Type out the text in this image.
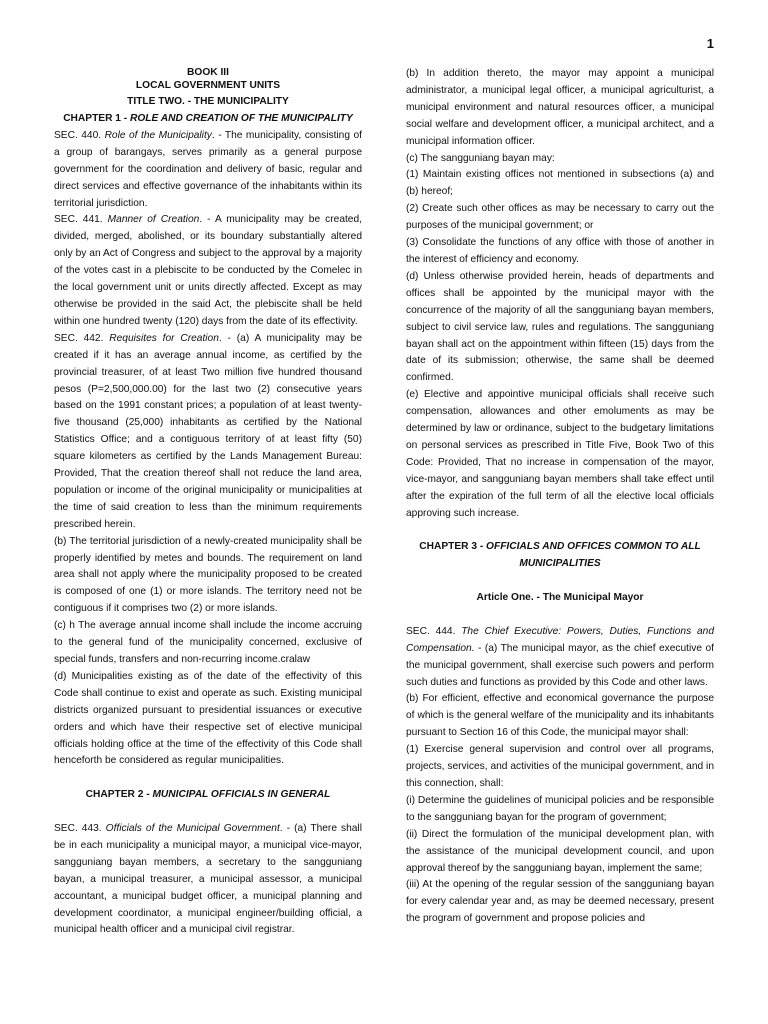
1
BOOK III
LOCAL GOVERNMENT UNITS
TITLE TWO. - THE MUNICIPALITY

CHAPTER 1 - ROLE AND CREATION OF THE MUNICIPALITY

SEC. 440. Role of the Municipality. - The municipality, consisting of a group of barangays, serves primarily as a general purpose government for the coordination and delivery of basic, regular and direct services and effective governance of the inhabitants within its territorial jurisdiction.

SEC. 441. Manner of Creation. - A municipality may be created, divided, merged, abolished, or its boundary substantially altered only by an Act of Congress and subject to the approval by a majority of the votes cast in a plebiscite to be conducted by the Comelec in the local government unit or units directly affected. Except as may otherwise be provided in the said Act, the plebiscite shall be held within one hundred twenty (120) days from the date of its effectivity.

SEC. 442. Requisites for Creation. - (a) A municipality may be created if it has an average annual income, as certified by the provincial treasurer, of at least Two million five hundred thousand pesos (P=2,500,000.00) for the last two (2) consecutive years based on the 1991 constant prices; a population of at least twenty-five thousand (25,000) inhabitants as certified by the National Statistics Office; and a contiguous territory of at least fifty (50) square kilometers as certified by the Lands Management Bureau: Provided, That the creation thereof shall not reduce the land area, population or income of the original municipality or municipalities at the time of said creation to less than the minimum requirements prescribed herein.

(b) The territorial jurisdiction of a newly-created municipality shall be properly identified by metes and bounds. The requirement on land area shall not apply where the municipality proposed to be created is composed of one (1) or more islands. The territory need not be contiguous if it comprises two (2) or more islands.

(c) h The average annual income shall include the income accruing to the general fund of the municipality concerned, exclusive of special funds, transfers and non-recurring income.cralaw

(d) Municipalities existing as of the date of the effectivity of this Code shall continue to exist and operate as such. Existing municipal districts organized pursuant to presidential issuances or executive orders and which have their respective set of elective municipal officials holding office at the time of the effectivity of this Code shall henceforth be considered as regular municipalities.

CHAPTER 2 - MUNICIPAL OFFICIALS IN GENERAL

SEC. 443. Officials of the Municipal Government. - (a) There shall be in each municipality a municipal mayor, a municipal vice-mayor, sangguniang bayan members, a secretary to the sangguniang bayan, a municipal treasurer, a municipal assessor, a municipal accountant, a municipal budget officer, a municipal planning and development coordinator, a municipal engineer/building official, a municipal health officer and a municipal civil registrar.

(b) In addition thereto, the mayor may appoint a municipal administrator, a municipal legal officer, a municipal agriculturist, a municipal environment and natural resources officer, a municipal social welfare and development officer, a municipal architect, and a municipal information officer.

(c) The sangguniang bayan may:

(1) Maintain existing offices not mentioned in subsections (a) and (b) hereof;

(2) Create such other offices as may be necessary to carry out the purposes of the municipal government; or

(3) Consolidate the functions of any office with those of another in the interest of efficiency and economy.

(d) Unless otherwise provided herein, heads of departments and offices shall be appointed by the municipal mayor with the concurrence of the majority of all the sangguniang bayan members, subject to civil service law, rules and regulations. The sangguniang bayan shall act on the appointment within fifteen (15) days from the date of its submission; otherwise, the same shall be deemed confirmed.

(e) Elective and appointive municipal officials shall receive such compensation, allowances and other emoluments as may be determined by law or ordinance, subject to the budgetary limitations on personal services as prescribed in Title Five, Book Two of this Code: Provided, That no increase in compensation of the mayor, vice-mayor, and sangguniang bayan members shall take effect until after the expiration of the full term of all the elective local officials approving such increase.

CHAPTER 3 - OFFICIALS AND OFFICES COMMON TO ALL MUNICIPALITIES

Article One. - The Municipal Mayor

SEC. 444. The Chief Executive: Powers, Duties, Functions and Compensation. - (a) The municipal mayor, as the chief executive of the municipal government, shall exercise such powers and perform such duties and functions as provided by this Code and other laws.

(b) For efficient, effective and economical governance the purpose of which is the general welfare of the municipality and its inhabitants pursuant to Section 16 of this Code, the municipal mayor shall:

(1) Exercise general supervision and control over all programs, projects, services, and activities of the municipal government, and in this connection, shall:

(i) Determine the guidelines of municipal policies and be responsible to the sangguniang bayan for the program of government;

(ii) Direct the formulation of the municipal development plan, with the assistance of the municipal development council, and upon approval thereof by the sangguniang bayan, implement the same;

(iii) At the opening of the regular session of the sangguniang bayan for every calendar year and, as may be deemed necessary, present the program of government and propose policies and
